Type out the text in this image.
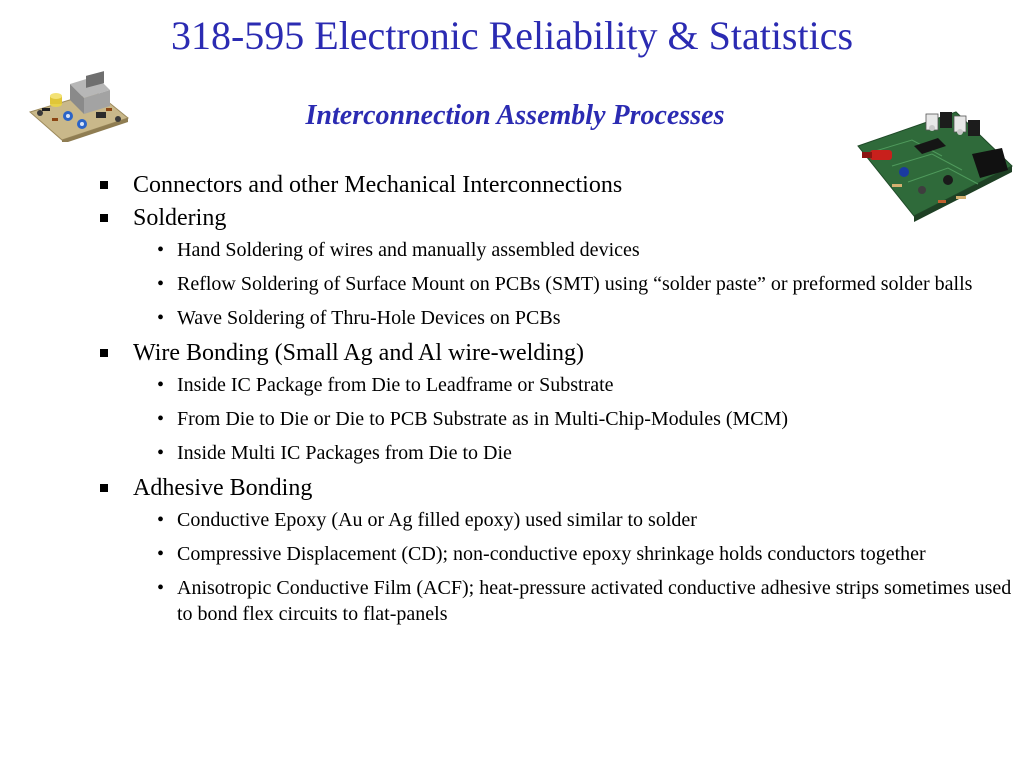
318-595 Electronic Reliability & Statistics
Interconnection Assembly Processes
Connectors and other Mechanical Interconnections
Soldering
• Hand Soldering of wires and manually assembled devices
• Reflow Soldering of Surface Mount on PCBs (SMT) using “solder paste” or preformed solder balls
• Wave Soldering of Thru-Hole Devices on PCBs
Wire Bonding (Small Ag and Al wire-welding)
• Inside IC Package from Die to Leadframe or Substrate
• From Die to Die or Die to PCB Substrate as in Multi-Chip-Modules (MCM)
• Inside Multi IC Packages from Die to Die
Adhesive Bonding
• Conductive Epoxy (Au or Ag filled epoxy) used similar to solder
• Compressive Displacement (CD); non-conductive epoxy shrinkage holds conductors together
• Anisotropic Conductive Film (ACF); heat-pressure activated conductive adhesive strips sometimes used to bond flex circuits to flat-panels
